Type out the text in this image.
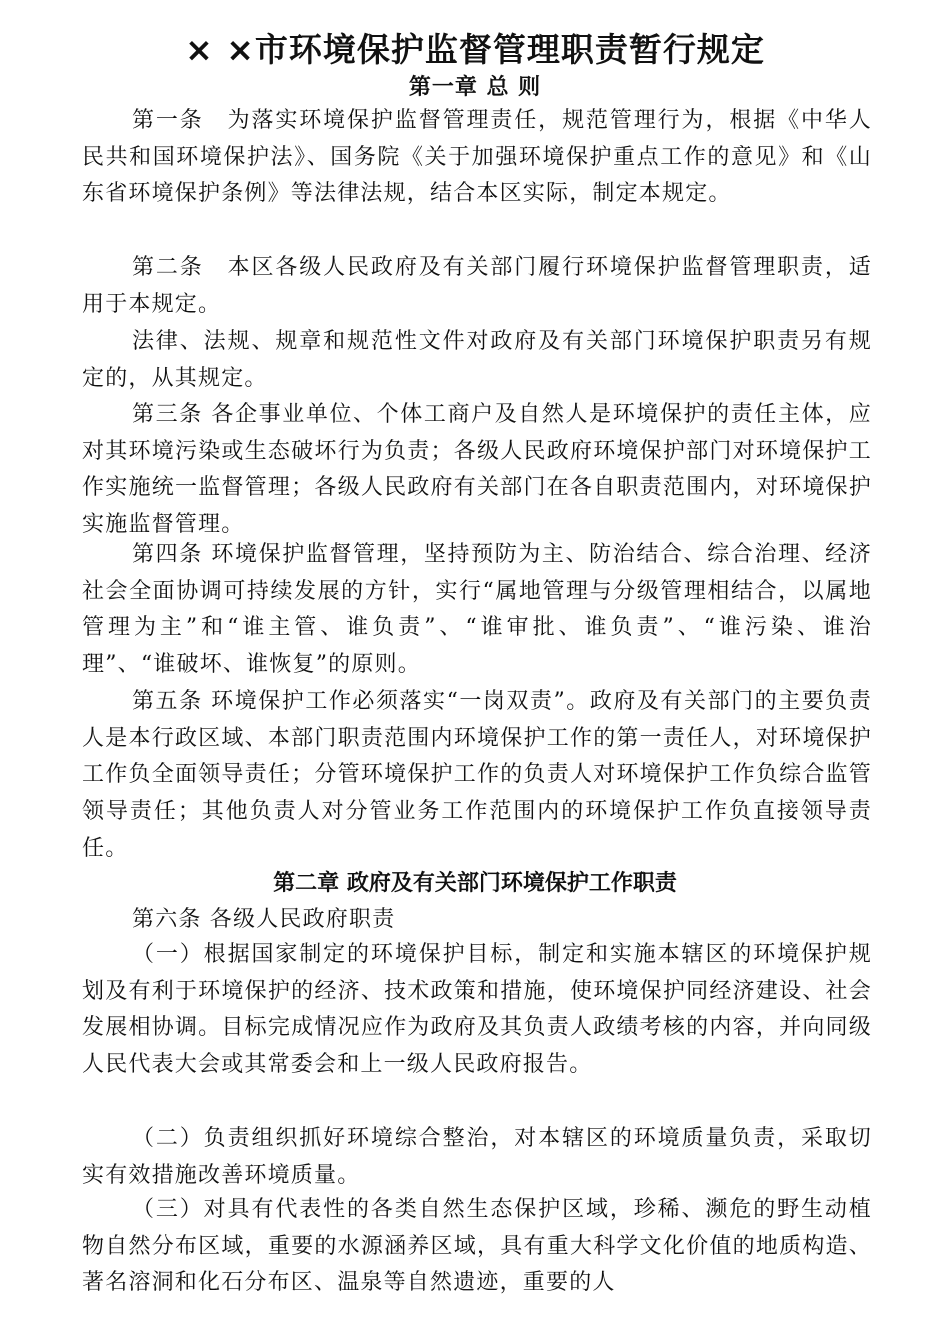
× ×市环境保护监督管理职责暂行规定
第一章 总 则

第一条　为落实环境保护监督管理责任，规范管理行为，根据《中华人民共和国环境保护法》、国务院《关于加强环境保护重点工作的意见》和《山东省环境保护条例》等法律法规，结合本区实际，制定本规定。

第二条　本区各级人民政府及有关部门履行环境保护监督管理职责，适用于本规定。

法律、法规、规章和规范性文件对政府及有关部门环境保护职责另有规定的，从其规定。

第三条 各企事业单位、个体工商户及自然人是环境保护的责任主体，应对其环境污染或生态破坏行为负责；各级人民政府环境保护部门对环境保护工作实施统一监督管理；各级人民政府有关部门在各自职责范围内，对环境保护实施监督管理。

第四条 环境保护监督管理，坚持预防为主、防治结合、综合治理、经济社会全面协调可持续发展的方针，实行“属地管理与分级管理相结合，以属地管理为主”和“谁主管、谁负责”、“谁审批、谁负责”、“谁污染、谁治理”、“谁破坏、谁恢复”的原则。

第五条 环境保护工作必须落实“一岗双责”。政府及有关部门的主要负责人是本行政区域、本部门职责范围内环境保护工作的第一责任人，对环境保护工作负全面领导责任；分管环境保护工作的负责人对环境保护工作负综合监管领导责任；其他负责人对分管业务工作范围内的环境保护工作负直接领导责任。

第二章 政府及有关部门环境保护工作职责

第六条 各级人民政府职责

（一）根据国家制定的环境保护目标，制定和实施本辖区的环境保护规划及有利于环境保护的经济、技术政策和措施，使环境保护同经济建设、社会发展相协调。目标完成情况应作为政府及其负责人政绩考核的内容，并向同级人民代表大会或其常委会和上一级人民政府报告。

（二）负责组织抓好环境综合整治，对本辖区的环境质量负责，采取切实有效措施改善环境质量。

（三）对具有代表性的各类自然生态保护区域，珍稀、濒危的野生动植物自然分布区域，重要的水源涵养区域，具有重大科学文化价值的地质构造、著名溶洞和化石分布区、温泉等自然遗迹，重要的人
